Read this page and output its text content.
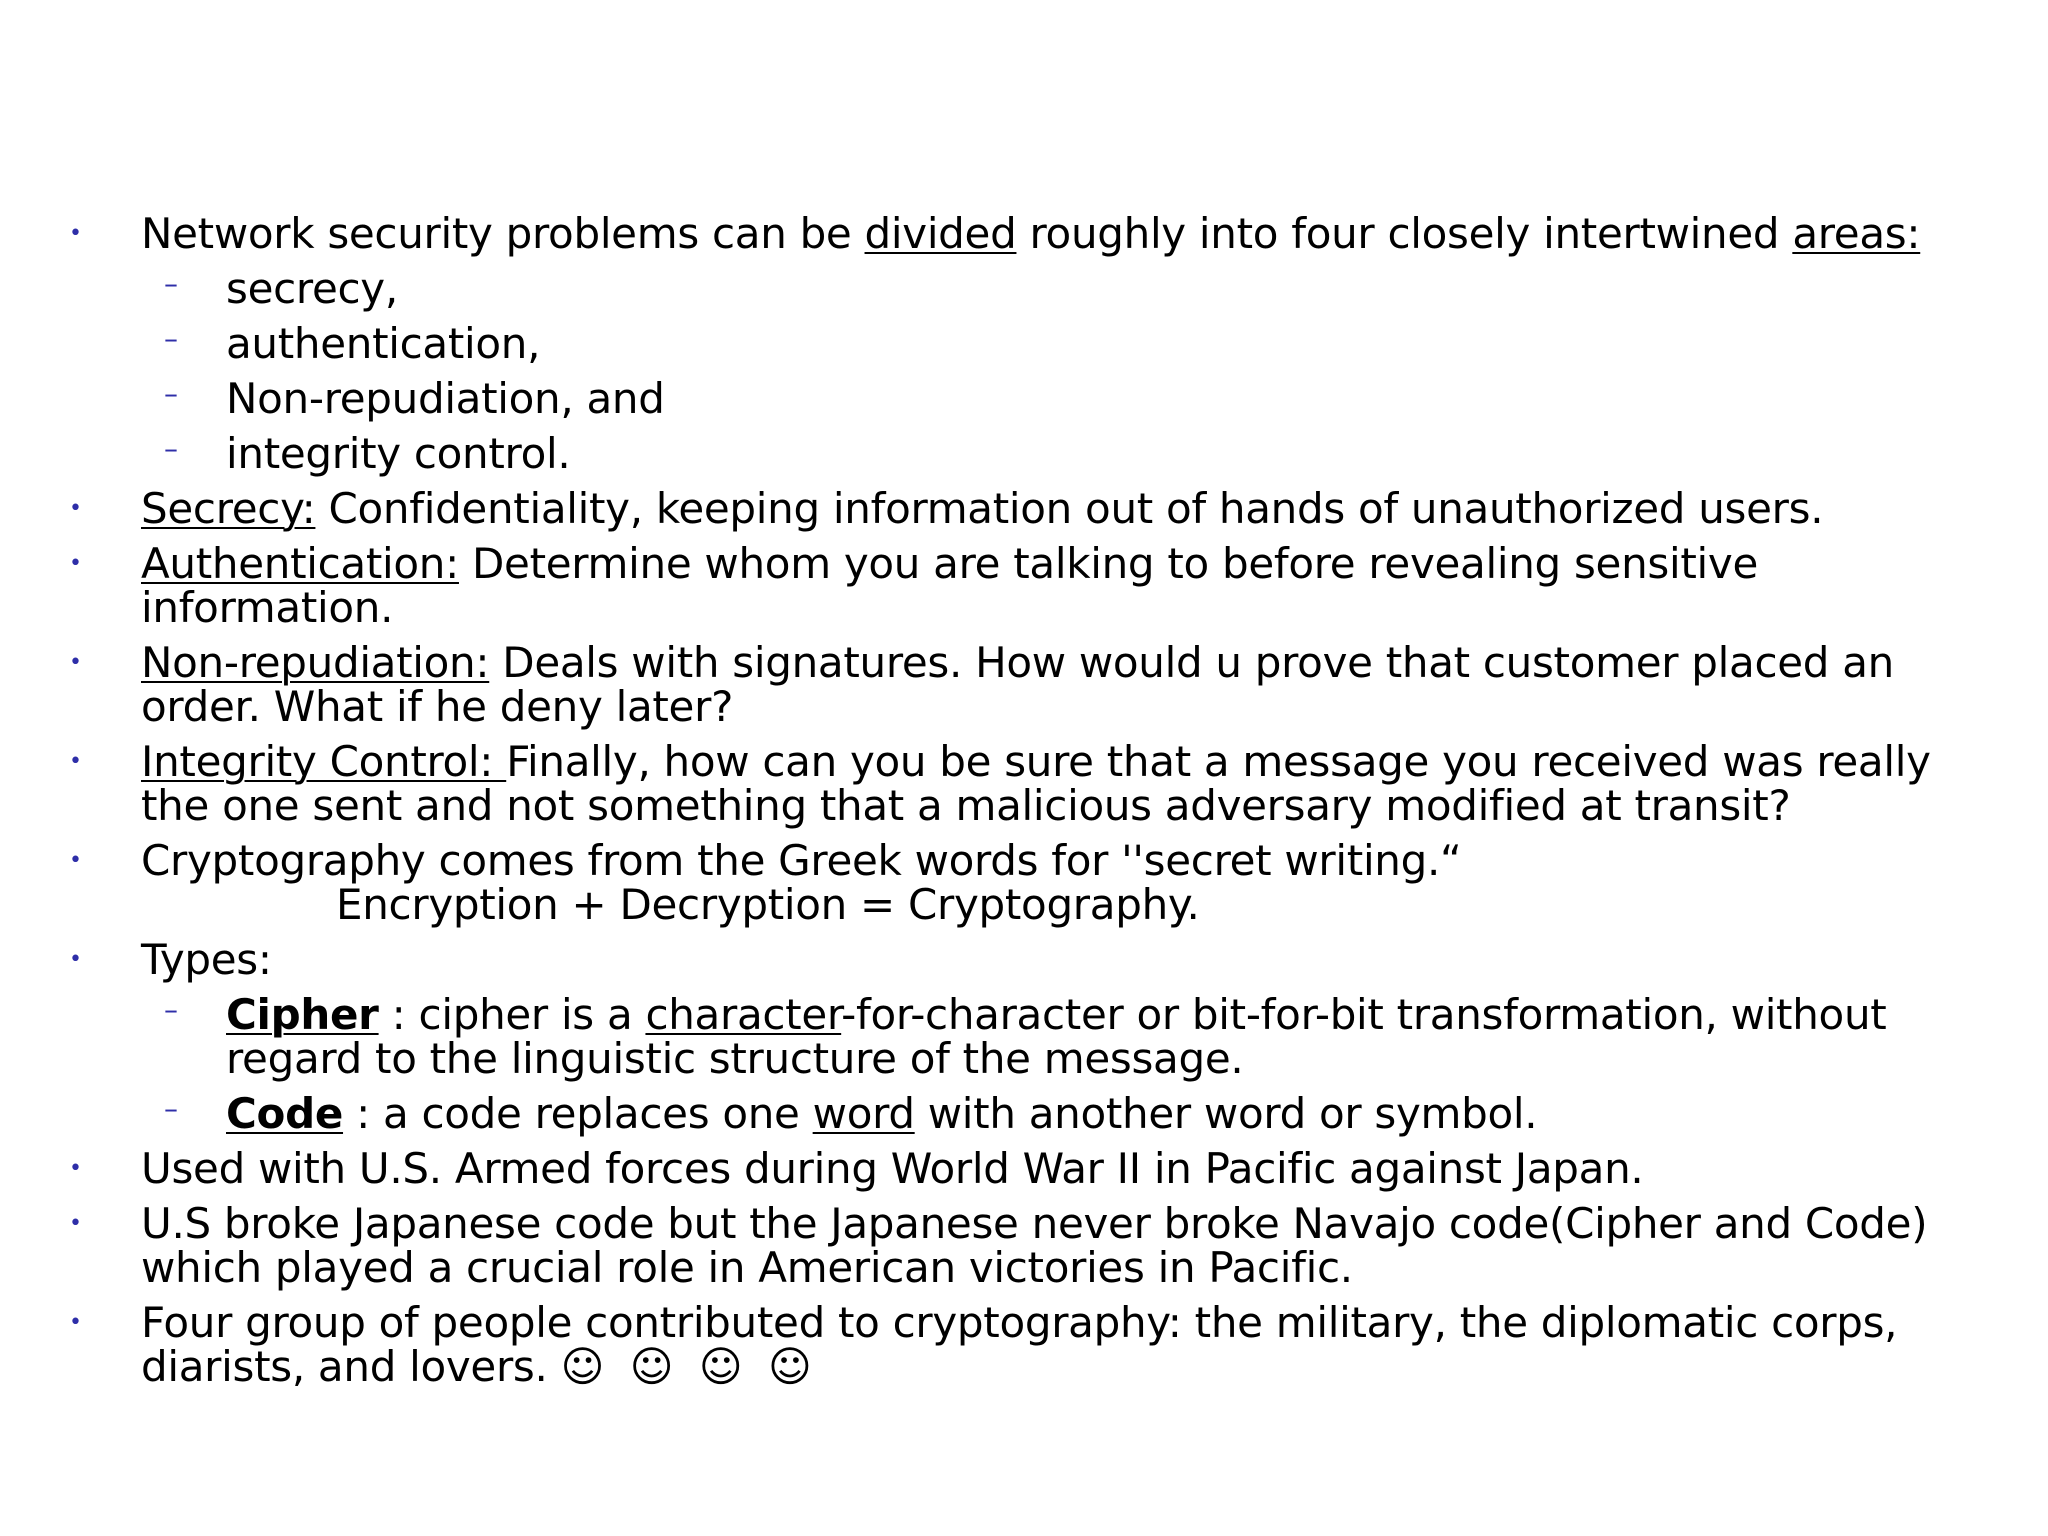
• Network security problems can be divided roughly into four closely intertwined areas:
– secrecy,
– authentication,
– Non-repudiation, and
– integrity control.
• Secrecy: Confidentiality, keeping information out of hands of unauthorized users.
• Authentication: Determine whom you are talking to before revealing sensitive
information.
• Non-repudiation: Deals with signatures. How would u prove that customer placed an
order. What if he deny later?
• Integrity Control: Finally, how can you be sure that a message you received was really
the one sent and not something that a malicious adversary modified at transit?
• Cryptography comes from the Greek words for ''secret writing.“
Encryption + Decryption = Cryptography.
• Types:
– Cipher : cipher is a character-for-character or bit-for-bit transformation, without
regard to the linguistic structure of the message.
– Code : a code replaces one word with another word or symbol.
• Used with U.S. Armed forces during World War II in Pacific against Japan.
• U.S broke Japanese code but the Japanese never broke Navajo code(Cipher and Code)
which played a crucial role in American victories in Pacific.
• Four group of people contributed to cryptography: the military, the diplomatic corps,
diarists, and lovers. ☺ ☺ ☺ ☺
